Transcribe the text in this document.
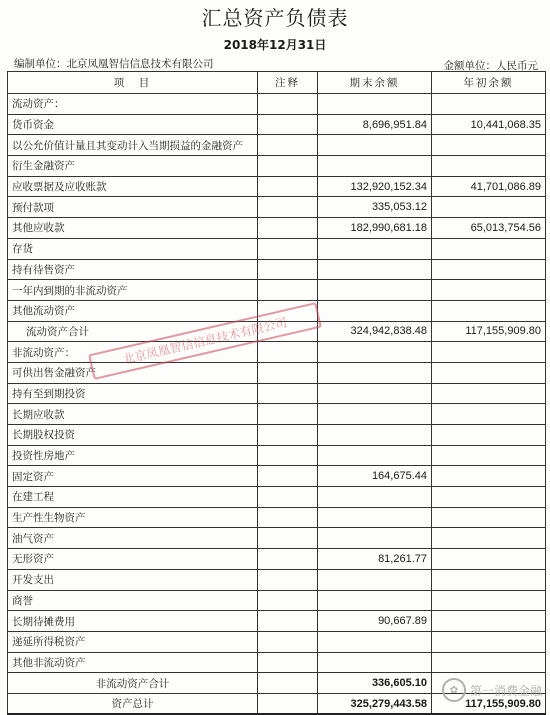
汇总资产负债表
2018年12月31日
编制单位：北京凤凰智信信息技术有限公司	金额单位：人民币元
项　目	注释	期末余额	年初余额
流动资产：			
货币资金		8,696,951.84	10,441,068.35
以公允价值计量且其变动计入当期损益的金融资产			
衍生金融资产			
应收票据及应收账款		132,920,152.34	41,701,086.89
预付款项		335,053.12	
其他应收款		182,990,681.18	65,013,754.56
存货			
持有待售资产			
一年内到期的非流动资产			
其他流动资产			
流动资产合计		324,942,838.48	117,155,909.80
非流动资产：			
可供出售金融资产			
持有至到期投资			
长期应收款			
长期股权投资			
投资性房地产			
固定资产		164,675.44	
在建工程			
生产性生物资产			
油气资产			
无形资产		81,261.77	
开发支出			
商誉			
长期待摊费用		90,667.89	
递延所得税资产			
其他非流动资产			
非流动资产合计		336,605.10	
资产总计		325,279,443.58	117,155,909.80
北京凤凰智信信息技术有限公司
✿ 第一消费金融
